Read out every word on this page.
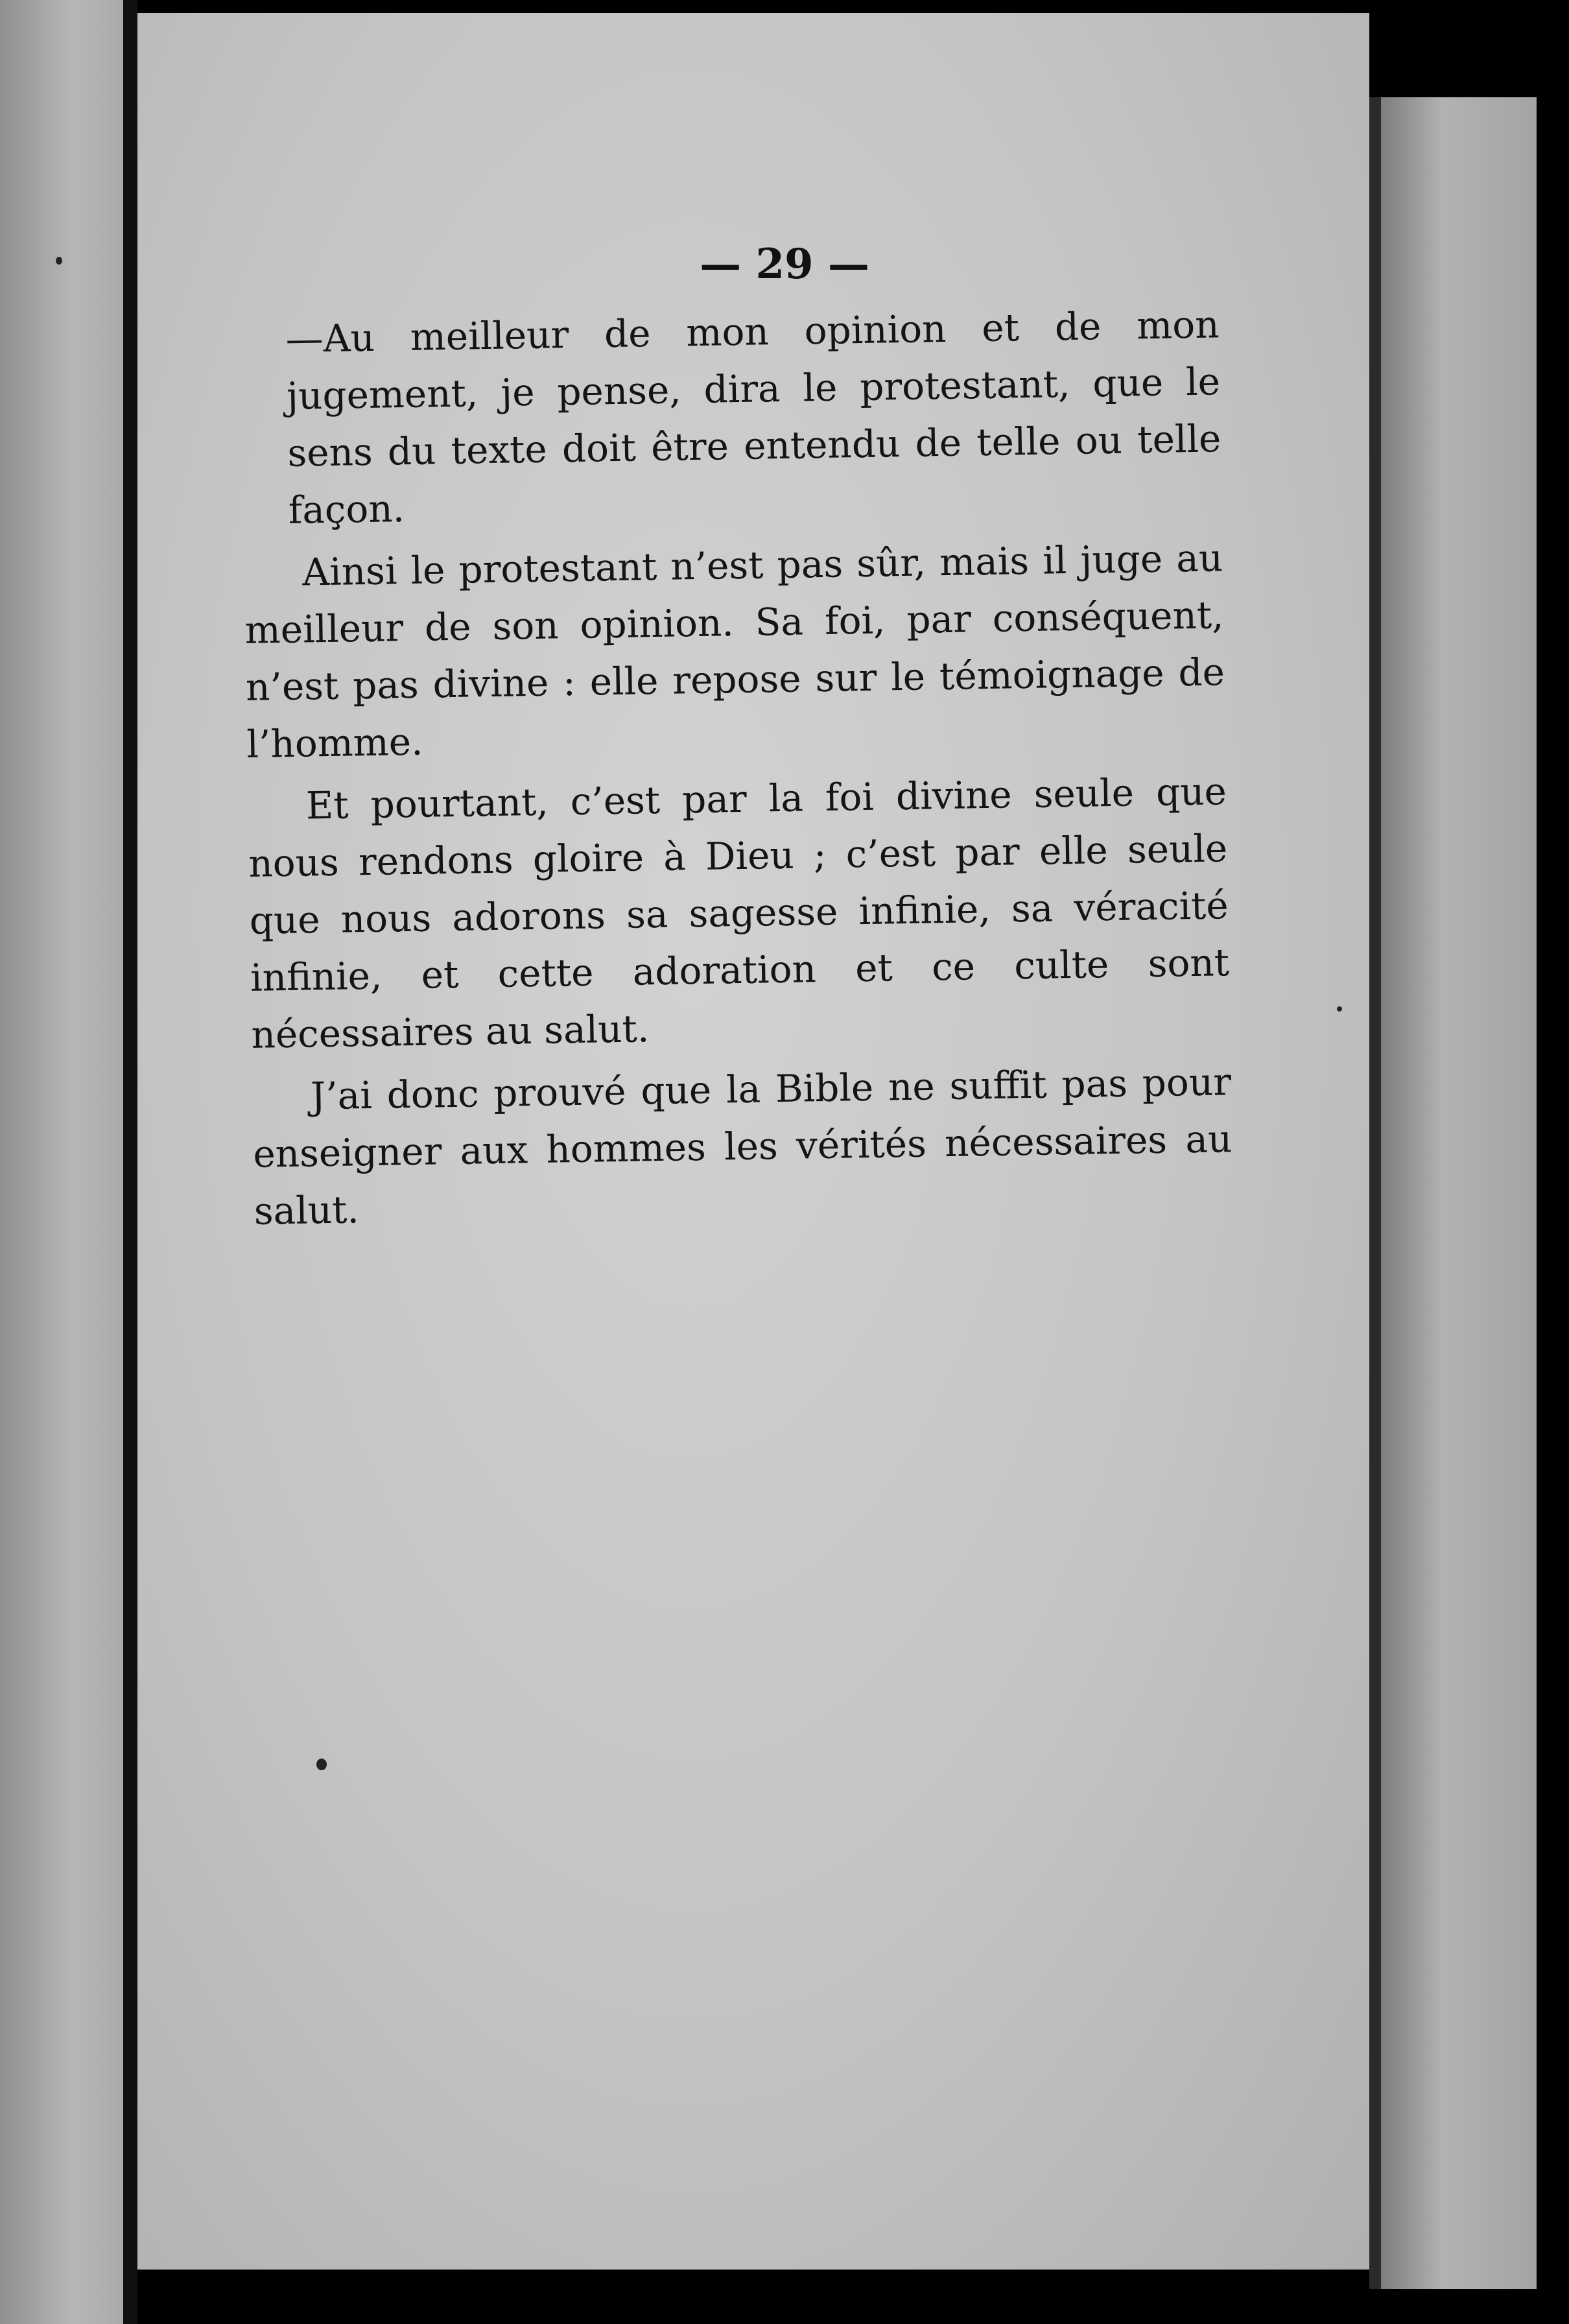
— 29 —

—Au meilleur de mon opinion et de mon jugement, je pense, dira le protestant, que le sens du texte doit être entendu de telle ou telle façon.

Ainsi le protestant n’est pas sûr, mais il juge au meilleur de son opinion. Sa foi, par conséquent, n’est pas divine : elle repose sur le témoignage de l’homme.

Et pourtant, c’est par la foi divine seule que nous rendons gloire à Dieu ; c’est par elle seule que nous adorons sa sagesse infinie, sa véracité infinie, et cette adoration et ce culte sont nécessaires au salut.

J’ai donc prouvé que la Bible ne suffit pas pour enseigner aux hommes les vérités nécessaires au salut.
